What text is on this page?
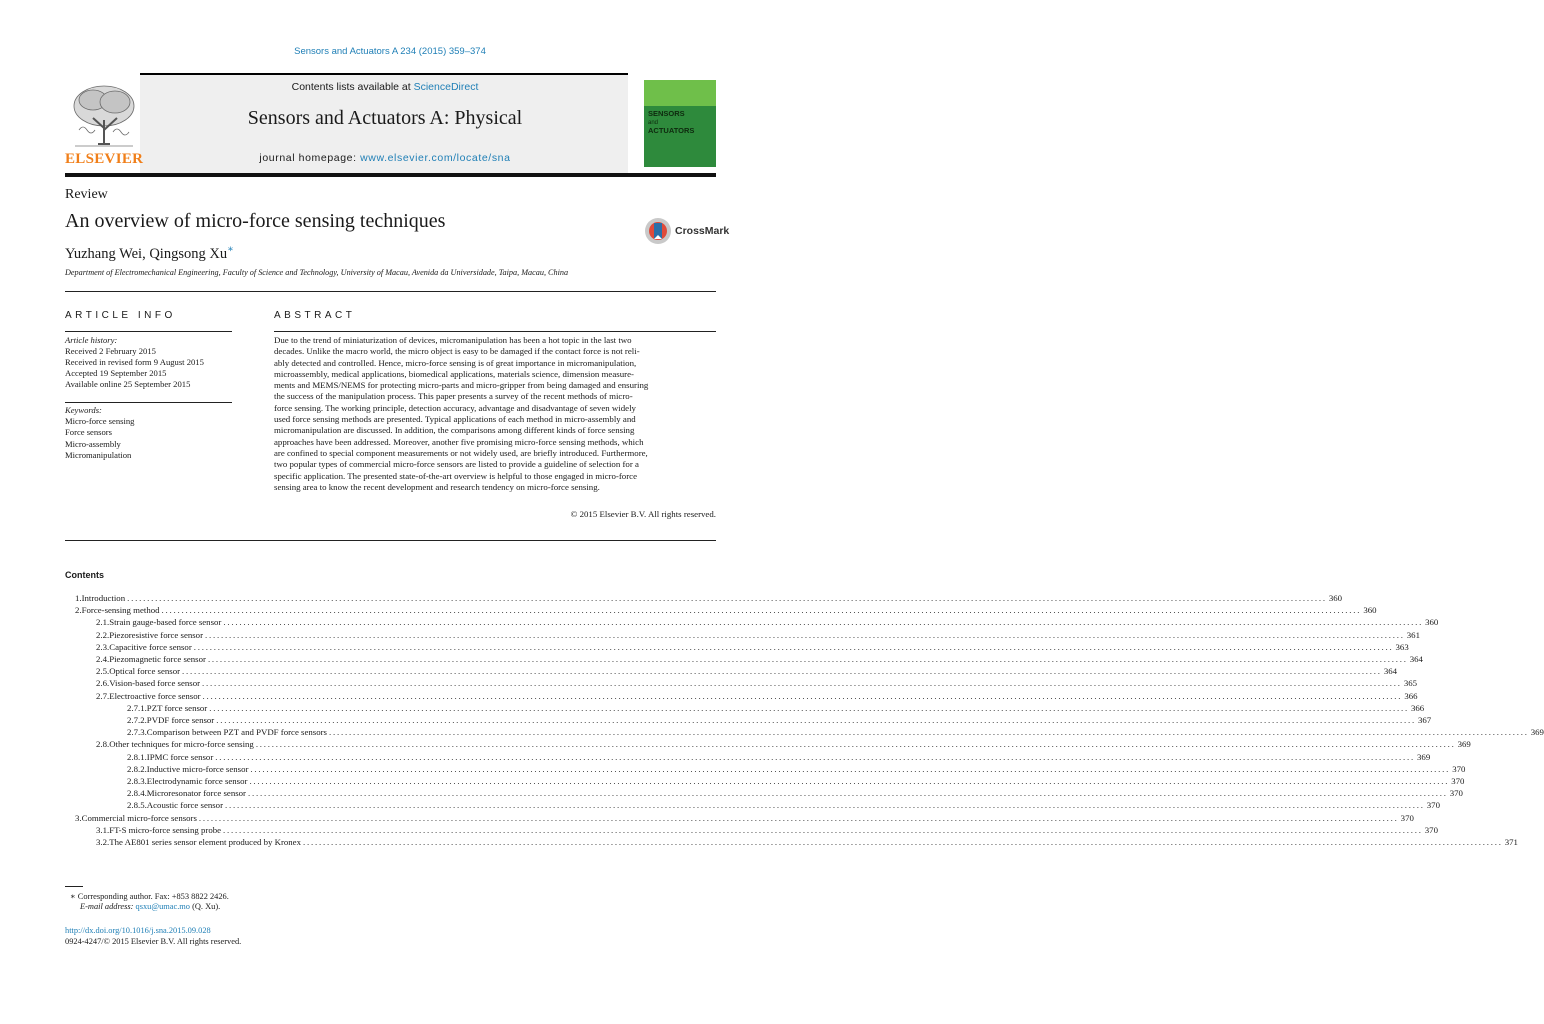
Sensors and Actuators A 234 (2015) 359–374
Contents lists available at ScienceDirect
Sensors and Actuators A: Physical
journal homepage: www.elsevier.com/locate/sna
ELSEVIER
SENSORS
and
ACTUATORS
Review
An overview of micro-force sensing techniques
Yuzhang Wei, Qingsong Xu∗
Department of Electromechanical Engineering, Faculty of Science and Technology, University of Macau, Avenida da Universidade, Taipa, Macau, China
CrossMark
ARTICLE INFO
Article history:
Received 2 February 2015
Received in revised form 9 August 2015
Accepted 19 September 2015
Available online 25 September 2015
Keywords:
Micro-force sensing
Force sensors
Micro-assembly
Micromanipulation
ABSTRACT
Due to the trend of miniaturization of devices, micromanipulation has been a hot topic in the last two
decades. Unlike the macro world, the micro object is easy to be damaged if the contact force is not reli-
ably detected and controlled. Hence, micro-force sensing is of great importance in micromanipulation,
microassembly, medical applications, biomedical applications, materials science, dimension measure-
ments and MEMS/NEMS for protecting micro-parts and micro-gripper from being damaged and ensuring
the success of the manipulation process. This paper presents a survey of the recent methods of micro-
force sensing. The working principle, detection accuracy, advantage and disadvantage of seven widely
used force sensing methods are presented. Typical applications of each method in micro-assembly and
micromanipulation are discussed. In addition, the comparisons among different kinds of force sensing
approaches have been addressed. Moreover, another five promising micro-force sensing methods, which
are confined to special component measurements or not widely used, are briefly introduced. Furthermore,
two popular types of commercial micro-force sensors are listed to provide a guideline of selection for a
specific application. The presented state-of-the-art overview is helpful to those engaged in micro-force
sensing area to know the recent development and research tendency on micro-force sensing.
© 2015 Elsevier B.V. All rights reserved.
Contents
1. Introduction ............................................................................................................................................................................................................................................................................................................ 360
2. Force-sensing method ............................................................................................................................................................................................................................................................................................................ 360
2.1. Strain gauge-based force sensor ............................................................................................................................................................................................................................................................................................................ 360
2.2. Piezoresistive force sensor ............................................................................................................................................................................................................................................................................................................ 361
2.3. Capacitive force sensor ............................................................................................................................................................................................................................................................................................................ 363
2.4. Piezomagnetic force sensor ............................................................................................................................................................................................................................................................................................................ 364
2.5. Optical force sensor ............................................................................................................................................................................................................................................................................................................ 364
2.6. Vision-based force sensor ............................................................................................................................................................................................................................................................................................................ 365
2.7. Electroactive force sensor ............................................................................................................................................................................................................................................................................................................ 366
2.7.1. PZT force sensor ............................................................................................................................................................................................................................................................................................................ 366
2.7.2. PVDF force sensor ............................................................................................................................................................................................................................................................................................................ 367
2.7.3. Comparison between PZT and PVDF force sensors ............................................................................................................................................................................................................................................................................................................ 369
2.8. Other techniques for micro-force sensing ............................................................................................................................................................................................................................................................................................................ 369
2.8.1. IPMC force sensor ............................................................................................................................................................................................................................................................................................................ 369
2.8.2. Inductive micro-force sensor ............................................................................................................................................................................................................................................................................................................ 370
2.8.3. Electrodynamic force sensor ............................................................................................................................................................................................................................................................................................................ 370
2.8.4. Microresonator force sensor ............................................................................................................................................................................................................................................................................................................ 370
2.8.5. Acoustic force sensor ............................................................................................................................................................................................................................................................................................................ 370
3. Commercial micro-force sensors ............................................................................................................................................................................................................................................................................................................ 370
3.1. FT-S micro-force sensing probe ............................................................................................................................................................................................................................................................................................................ 370
3.2. The AE801 series sensor element produced by Kronex ............................................................................................................................................................................................................................................................................................................ 371
∗ Corresponding author. Fax: +853 8822 2426.
E-mail address: qsxu@umac.mo (Q. Xu).
http://dx.doi.org/10.1016/j.sna.2015.09.028
0924-4247/© 2015 Elsevier B.V. All rights reserved.
